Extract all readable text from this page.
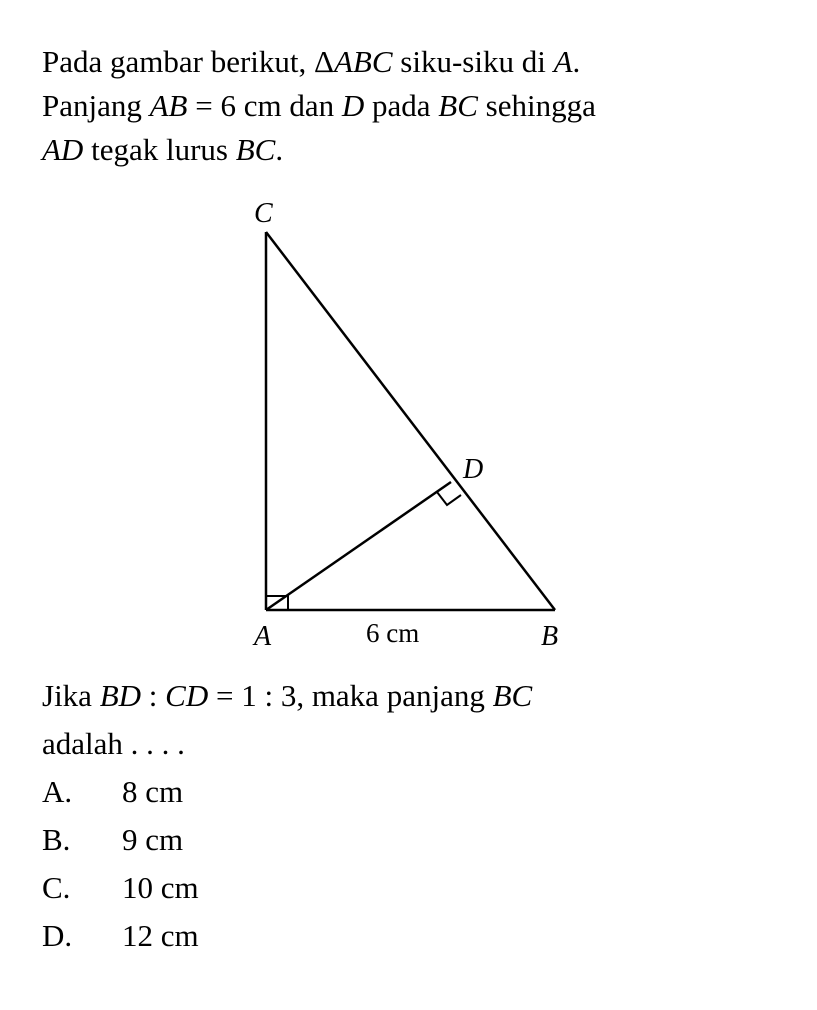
Pada gambar berikut, ΔABC siku-siku di A.

Panjang AB = 6 cm dan D pada BC sehingga

AD tegak lurus BC.

C
D
A	B
6 cm

Jika BD : CD = 1 : 3, maka panjang BC

adalah . . . .

A. 8 cm
B. 9 cm
C. 10 cm
D. 12 cm
